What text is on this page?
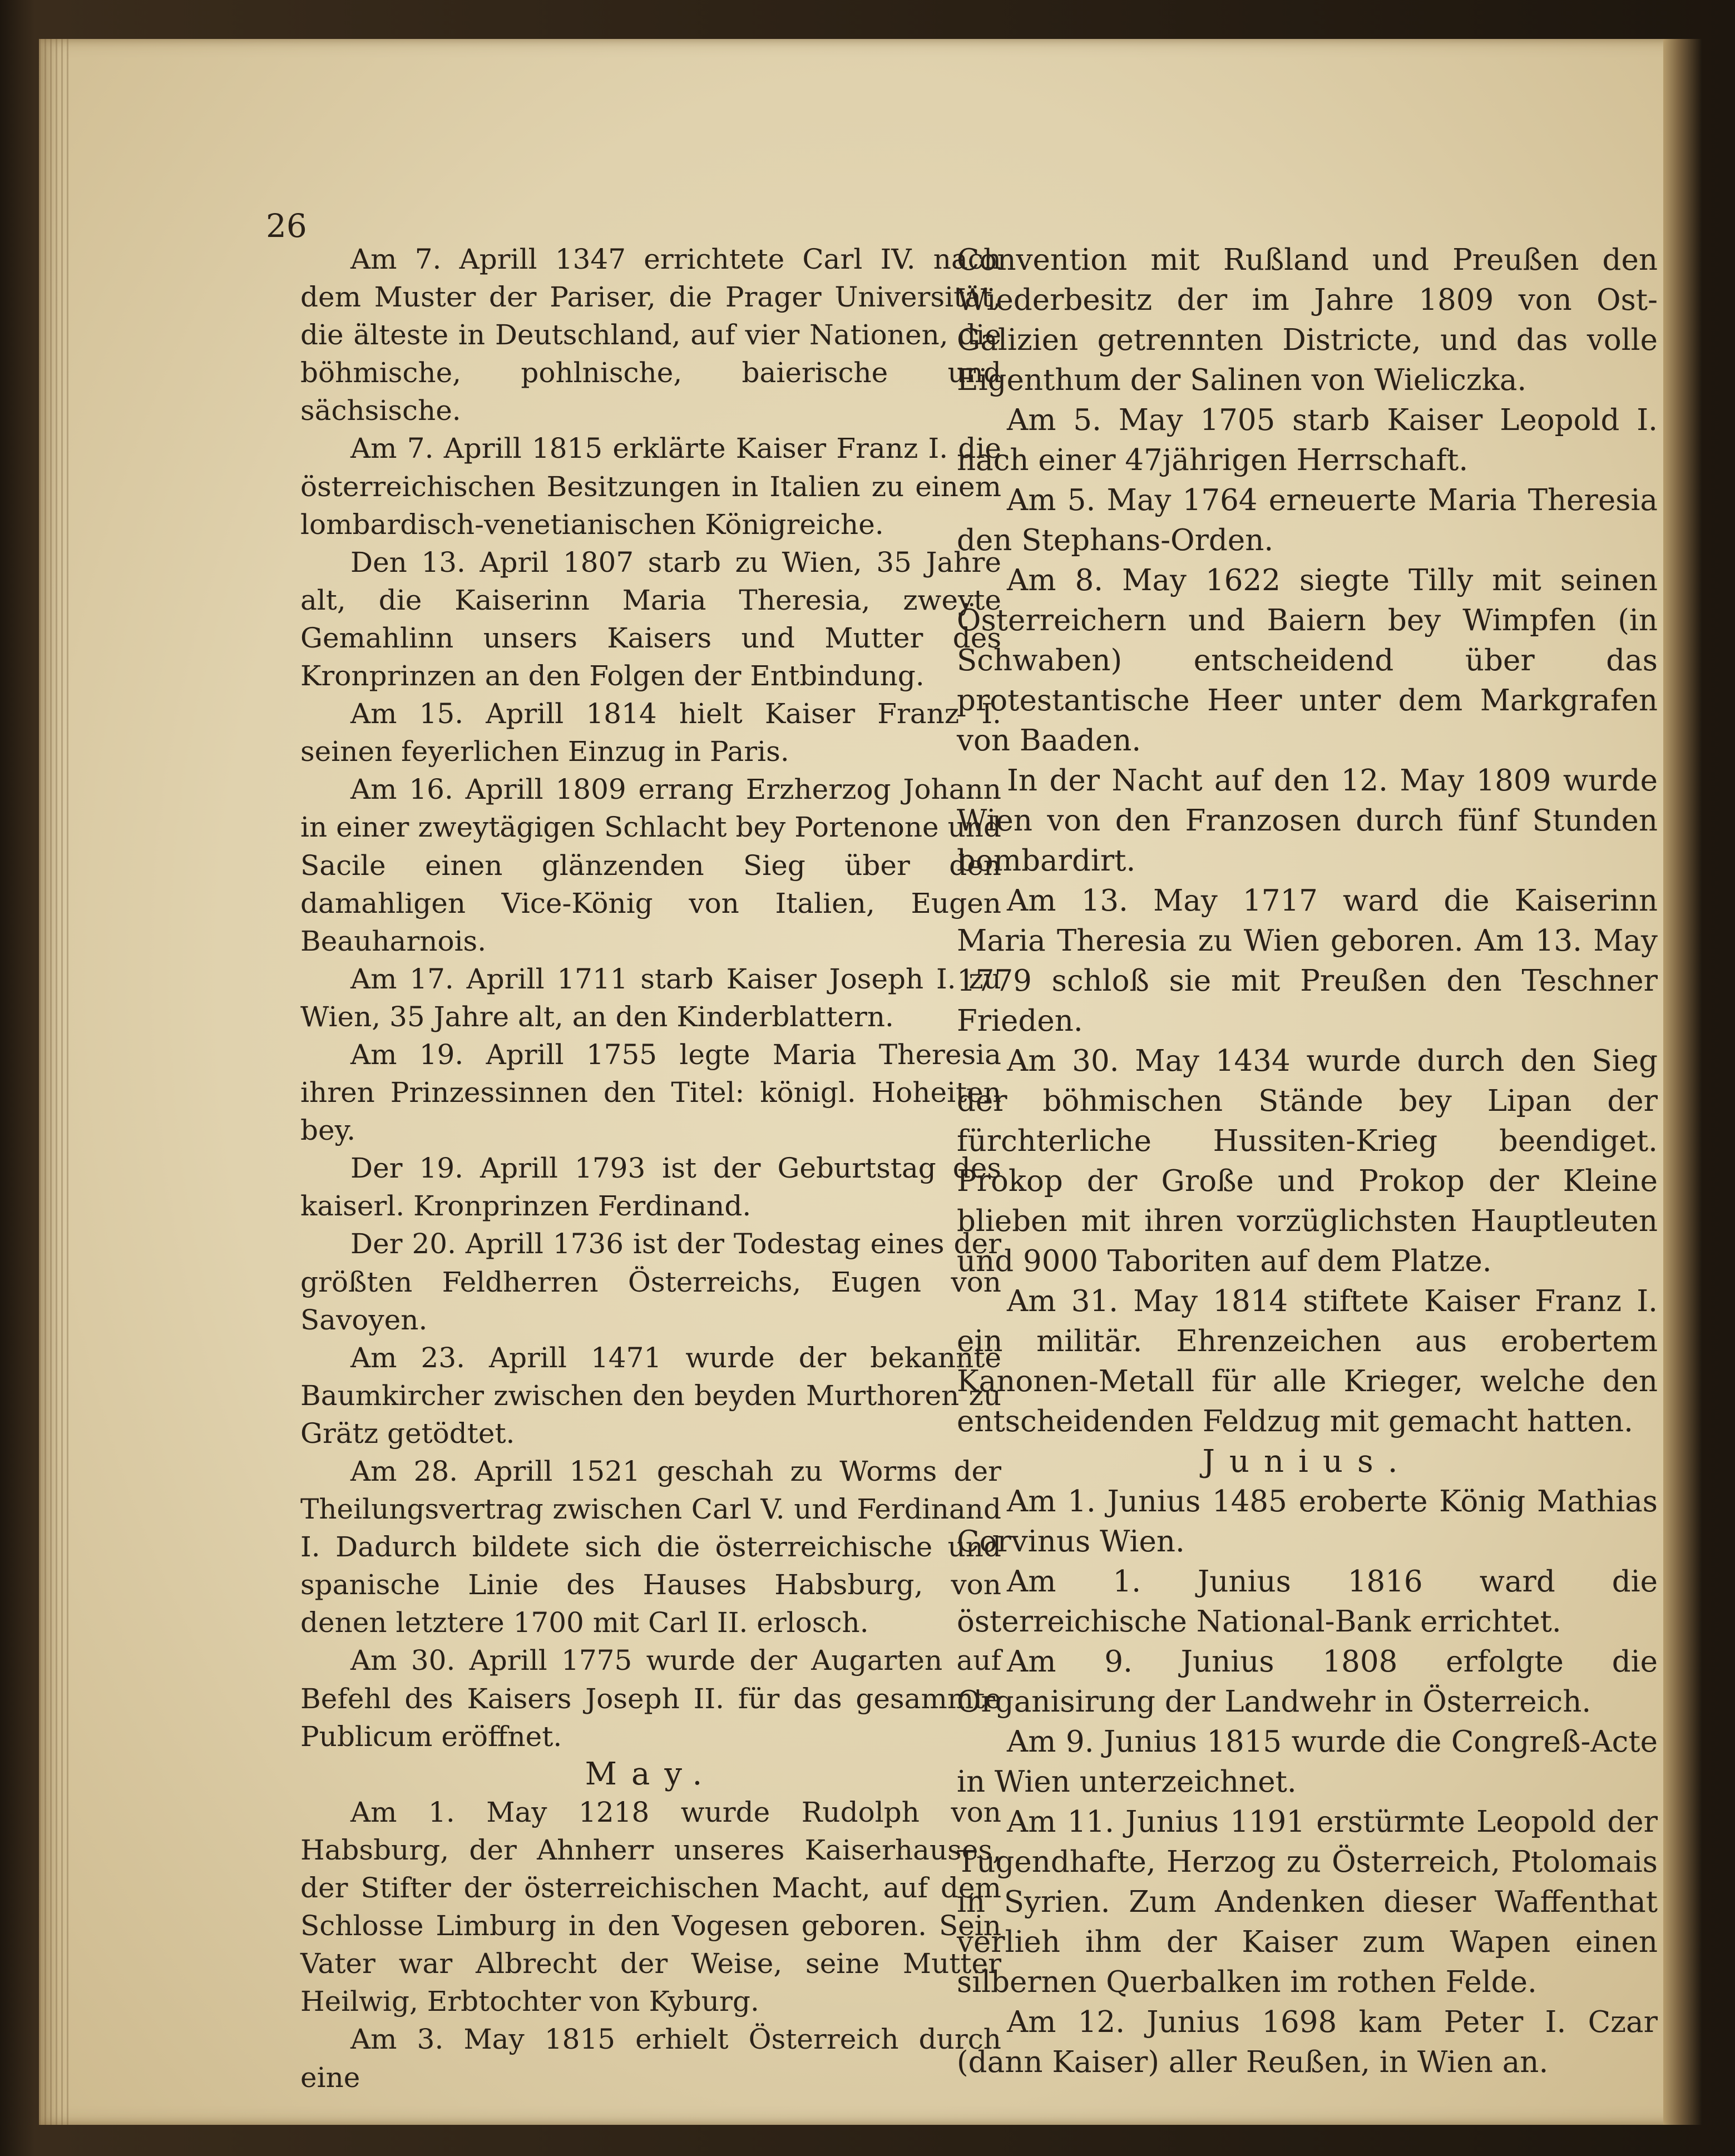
26

Am 7. Aprill 1347 errichtete Carl IV. nach dem Muster der Pariser, die Prager Universität, die älteste in Deutschland, auf vier Nationen, die böhmische, pohlnische, baierische und sächsische.

Am 7. Aprill 1815 erklärte Kaiser Franz I. die österreichischen Besitzungen in Italien zu einem lombardisch-venetianischen Königreiche.

Den 13. April 1807 starb zu Wien, 35 Jahre alt, die Kaiserinn Maria Theresia, zweyte Gemahlinn unsers Kaisers und Mutter des Kronprinzen an den Folgen der Entbindung.

Am 15. Aprill 1814 hielt Kaiser Franz I. seinen feyerlichen Einzug in Paris.

Am 16. Aprill 1809 errang Erzherzog Johann in einer zweytägigen Schlacht bey Portenone und Sacile einen glänzenden Sieg über den damahligen Vice-König von Italien, Eugen Beauharnois.

Am 17. Aprill 1711 starb Kaiser Joseph I. zu Wien, 35 Jahre alt, an den Kinderblattern.

Am 19. Aprill 1755 legte Maria Theresia ihren Prinzessinnen den Titel: königl. Hoheiten bey.

Der 19. Aprill 1793 ist der Geburtstag des kaiserl. Kronprinzen Ferdinand.

Der 20. Aprill 1736 ist der Todestag eines der größten Feldherren Österreichs, Eugen von Savoyen.

Am 23. Aprill 1471 wurde der bekannte Baumkircher zwischen den beyden Murthoren zu Grätz getödtet.

Am 28. Aprill 1521 geschah zu Worms der Theilungsvertrag zwischen Carl V. und Ferdinand I. Dadurch bildete sich die österreichische und spanische Linie des Hauses Habsburg, von denen letztere 1700 mit Carl II. erlosch.

Am 30. Aprill 1775 wurde der Augarten auf Befehl des Kaisers Joseph II. für das gesammte Publicum eröffnet.

May.

Am 1. May 1218 wurde Rudolph von Habsburg, der Ahnherr unseres Kaiserhauses, der Stifter der österreichischen Macht, auf dem Schlosse Limburg in den Vogesen geboren. Sein Vater war Albrecht der Weise, seine Mutter Heilwig, Erbtochter von Kyburg.

Am 3. May 1815 erhielt Österreich durch eine

Convention mit Rußland und Preußen den Wiederbesitz der im Jahre 1809 von Ost-Galizien getrennten Districte, und das volle Eigenthum der Salinen von Wieliczka.

Am 5. May 1705 starb Kaiser Leopold I. nach einer 47jährigen Herrschaft.

Am 5. May 1764 erneuerte Maria Theresia den Stephans-Orden.

Am 8. May 1622 siegte Tilly mit seinen Österreichern und Baiern bey Wimpfen (in Schwaben) entscheidend über das protestantische Heer unter dem Markgrafen von Baaden.

In der Nacht auf den 12. May 1809 wurde Wien von den Franzosen durch fünf Stunden bombardirt.

Am 13. May 1717 ward die Kaiserinn Maria Theresia zu Wien geboren. Am 13. May 1779 schloß sie mit Preußen den Teschner Frieden.

Am 30. May 1434 wurde durch den Sieg der böhmischen Stände bey Lipan der fürchterliche Hussiten-Krieg beendiget. Prokop der Große und Prokop der Kleine blieben mit ihren vorzüglichsten Hauptleuten und 9000 Taboriten auf dem Platze.

Am 31. May 1814 stiftete Kaiser Franz I. ein militär. Ehrenzeichen aus erobertem Kanonen-Metall für alle Krieger, welche den entscheidenden Feldzug mit gemacht hatten.

Junius.

Am 1. Junius 1485 eroberte König Mathias Corvinus Wien.

Am 1. Junius 1816 ward die österreichische National-Bank errichtet.

Am 9. Junius 1808 erfolgte die Organisirung der Landwehr in Österreich.

Am 9. Junius 1815 wurde die Congreß-Acte in Wien unterzeichnet.

Am 11. Junius 1191 erstürmte Leopold der Tugendhafte, Herzog zu Österreich, Ptolomais in Syrien. Zum Andenken dieser Waffenthat verlieh ihm der Kaiser zum Wapen einen silbernen Querbalken im rothen Felde.

Am 12. Junius 1698 kam Peter I. Czar (dann Kaiser) aller Reußen, in Wien an.
